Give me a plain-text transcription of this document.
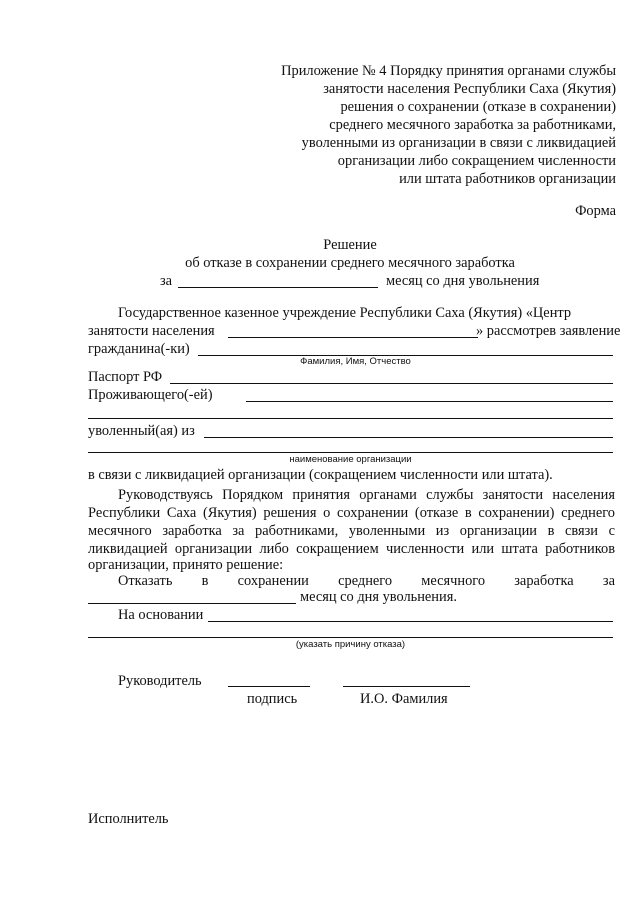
Приложение № 4 Порядку принятия органами службы
занятости населения Республики Саха (Якутия)
решения о сохранении (отказе в сохранении)
среднего месячного заработка за работниками,
уволенными из организации в связи с ликвидацией
организации либо сокращением численности
или штата работников организации
Форма
Решение
об отказе в сохранении среднего месячного заработка
за	месяц со дня увольнения
Государственное казенное учреждение Республики Саха (Якутия) «Центр
занятости населения	» рассмотрев заявление
гражданина(-ки)
Фамилия, Имя, Отчество
Паспорт РФ
Проживающего(-ей)
уволенный(ая) из
наименование организации
в связи с ликвидацией организации (сокращением численности или штата).
Руководствуясь Порядком принятия органами службы занятости населения
Республики Саха (Якутия) решения о сохранении (отказе в сохранении) среднего
месячного заработка за работниками, уволенными из организации в связи с
ликвидацией организации либо сокращением численности или штата работников
организации, принято решение:
Отказать в сохранении среднего месячного заработка за
месяц со дня увольнения.
На основании
(указать причину отказа)
Руководитель
подпись	И.О. Фамилия
Исполнитель
